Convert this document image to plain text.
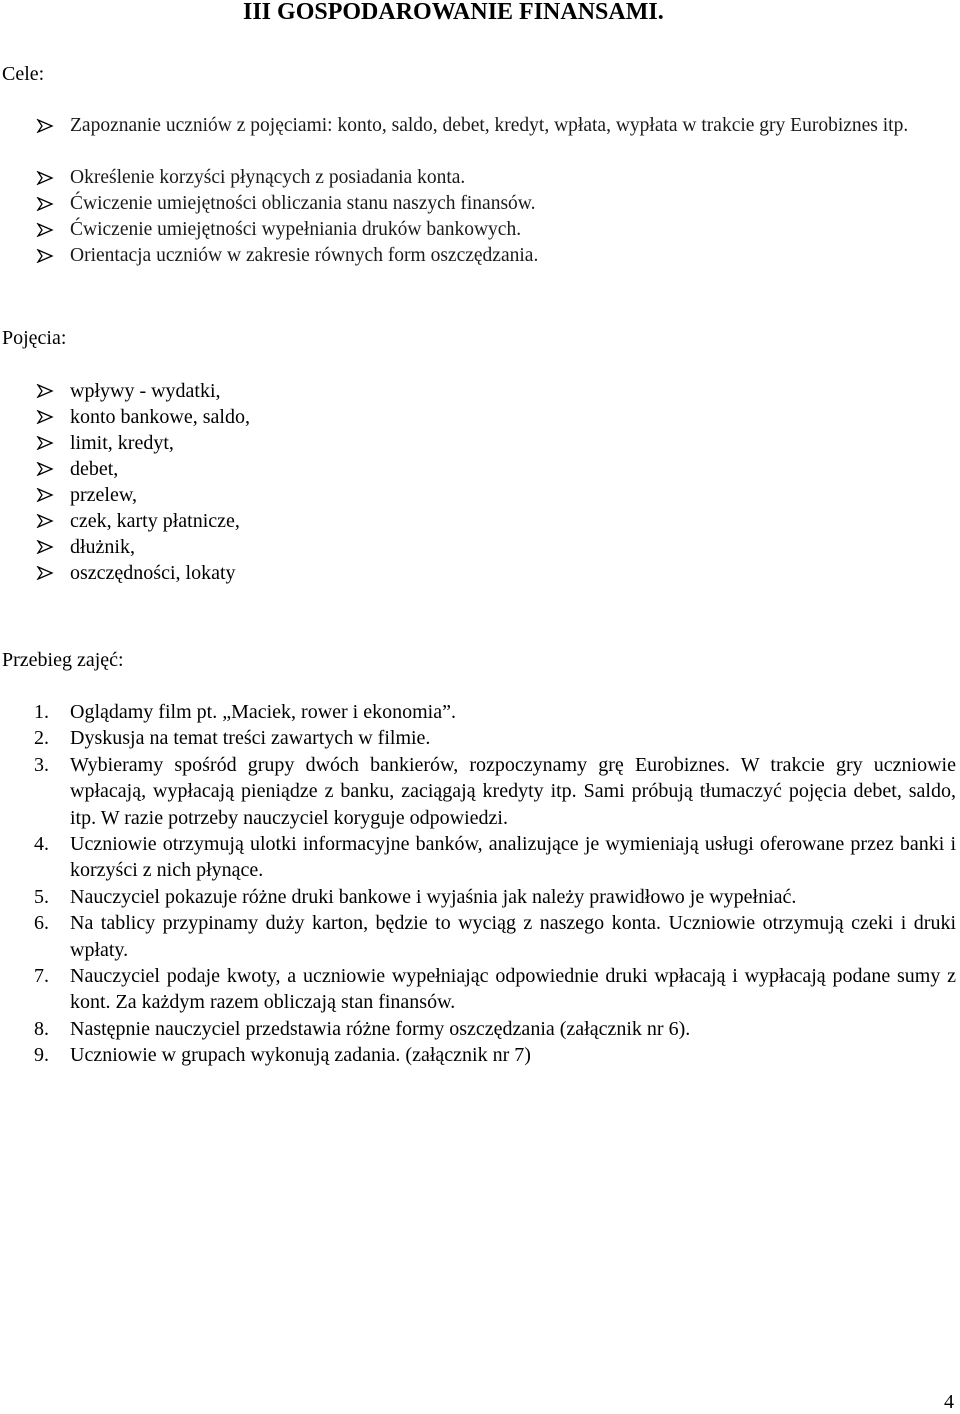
III GOSPODAROWANIE FINANSAMI.
Cele:
Zapoznanie uczniów z pojęciami: konto, saldo, debet, kredyt, wpłata, wypłata w trakcie gry Eurobiznes itp.
Określenie korzyści płynących z posiadania konta.
Ćwiczenie umiejętności obliczania stanu naszych finansów.
Ćwiczenie umiejętności wypełniania druków bankowych.
Orientacja uczniów w zakresie równych form oszczędzania.
Pojęcia:
wpływy - wydatki,
konto bankowe, saldo,
limit, kredyt,
debet,
przelew,
czek, karty płatnicze,
dłużnik,
oszczędności, lokaty
Przebieg zajęć:
1. Oglądamy film pt. „Maciek, rower i ekonomia”.
2. Dyskusja na temat treści zawartych w filmie.
3. Wybieramy spośród grupy dwóch bankierów, rozpoczynamy grę Eurobiznes. W trakcie gry uczniowie wpłacają, wypłacają pieniądze z banku, zaciągają kredyty itp. Sami próbują tłumaczyć pojęcia debet, saldo, itp. W razie potrzeby nauczyciel koryguje odpowiedzi.
4. Uczniowie otrzymują ulotki informacyjne banków, analizujące je wymieniają usługi oferowane przez banki i korzyści z nich płynące.
5. Nauczyciel pokazuje różne druki bankowe i wyjaśnia jak należy prawidłowo je wypełniać.
6. Na tablicy przypinamy duży karton, będzie to wyciąg z naszego konta. Uczniowie otrzymują czeki i druki wpłaty.
7. Nauczyciel podaje kwoty, a uczniowie wypełniając odpowiednie druki wpłacają i wypłacają podane sumy z kont. Za każdym razem obliczają stan finansów.
8. Następnie nauczyciel przedstawia różne formy oszczędzania (załącznik nr 6).
9. Uczniowie w grupach wykonują zadania. (załącznik nr 7)
4
